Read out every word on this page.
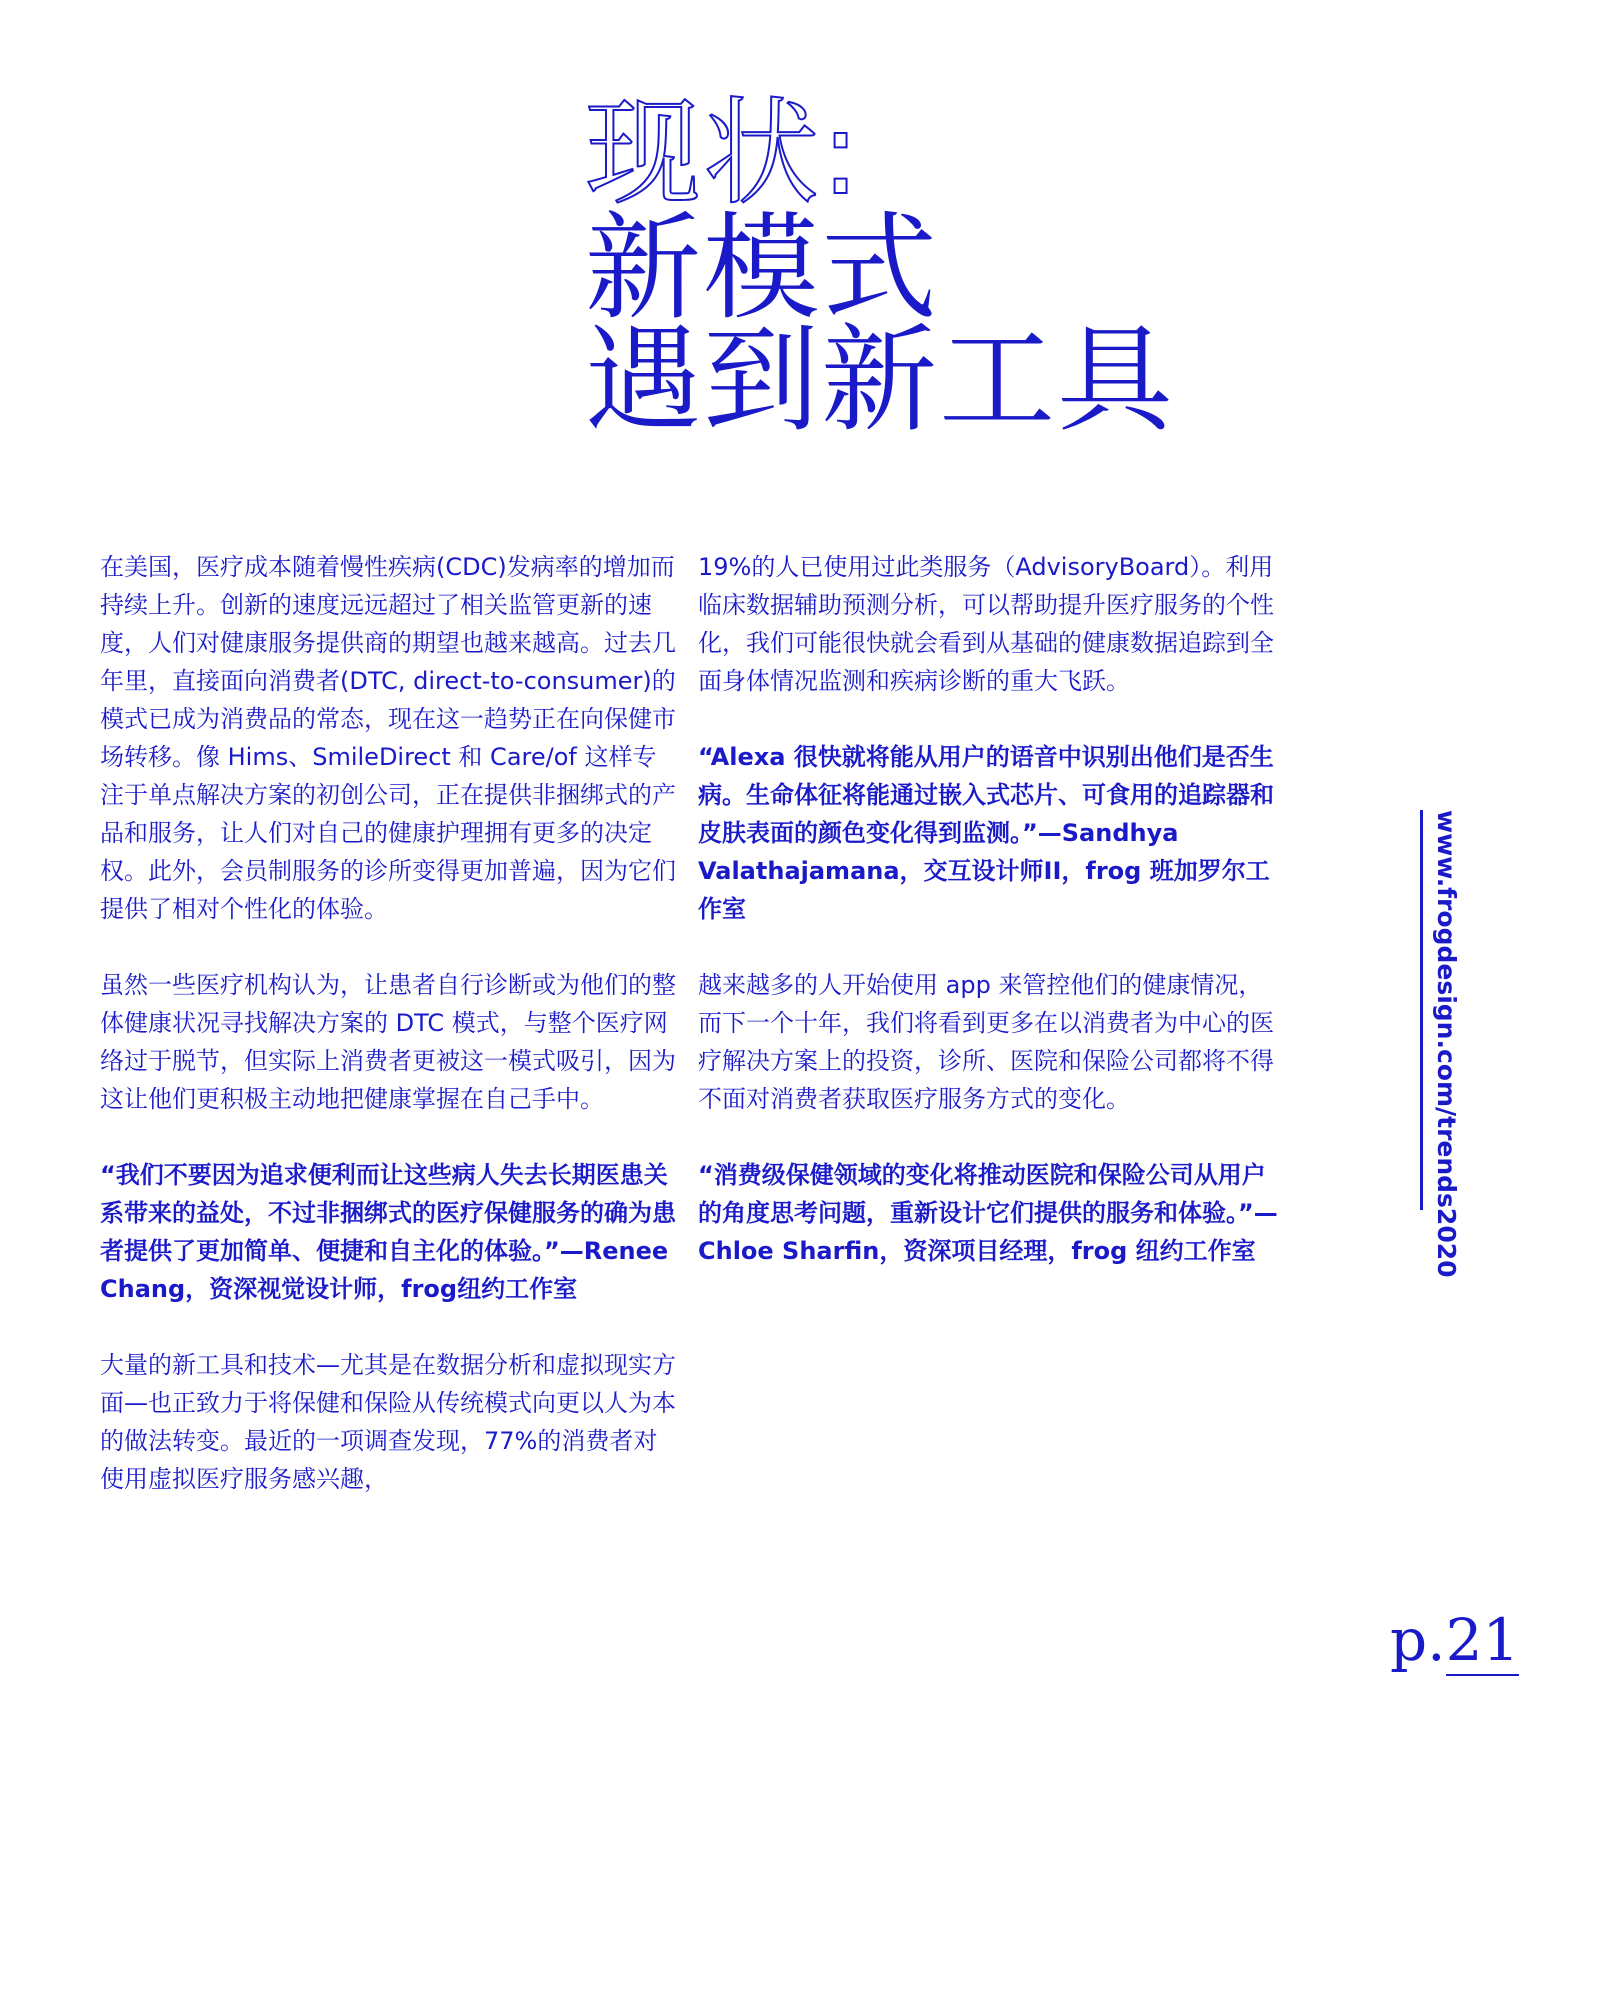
现状:
新模式
遇到新工具

在美国，医疗成本随着慢性疾病(CDC)发病率的增加而持续上升。创新的速度远远超过了相关监管更新的速度，人们对健康服务提供商的期望也越来越高。过去几年里，直接面向消费者(DTC, direct-to-consumer)的模式已成为消费品的常态，现在这一趋势正在向保健市场转移。像 Hims、SmileDirect 和 Care/of 这样专注于单点解决方案的初创公司，正在提供非捆绑式的产品和服务，让人们对自己的健康护理拥有更多的决定权。此外，会员制服务的诊所变得更加普遍，因为它们提供了相对个性化的体验。

虽然一些医疗机构认为，让患者自行诊断或为他们的整体健康状况寻找解决方案的 DTC 模式，与整个医疗网络过于脱节，但实际上消费者更被这一模式吸引，因为这让他们更积极主动地把健康掌握在自己手中。

“我们不要因为追求便利而让这些病人失去长期医患关系带来的益处，不过非捆绑式的医疗保健服务的确为患者提供了更加简单、便捷和自主化的体验。”—Renee Chang，资深视觉设计师，frog纽约工作室

大量的新工具和技术—尤其是在数据分析和虚拟现实方面—也正致力于将保健和保险从传统模式向更以人为本的做法转变。最近的一项调查发现，77%的消费者对使用虚拟医疗服务感兴趣，

19%的人已使用过此类服务（AdvisoryBoard）。利用临床数据辅助预测分析，可以帮助提升医疗服务的个性化，我们可能很快就会看到从基础的健康数据追踪到全面身体情况监测和疾病诊断的重大飞跃。

“Alexa 很快就将能从用户的语音中识别出他们是否生病。生命体征将能通过嵌入式芯片、可食用的追踪器和皮肤表面的颜色变化得到监测。”—Sandhya Valathajamana，交互设计师II，frog 班加罗尔工作室

越来越多的人开始使用 app 来管控他们的健康情况，而下一个十年，我们将看到更多在以消费者为中心的医疗解决方案上的投资，诊所、医院和保险公司都将不得不面对消费者获取医疗服务方式的变化。

“消费级保健领域的变化将推动医院和保险公司从用户的角度思考问题，重新设计它们提供的服务和体验。”—Chloe Sharfin，资深项目经理，frog 纽约工作室	www.frogdesign.com/trends2020
p.21
